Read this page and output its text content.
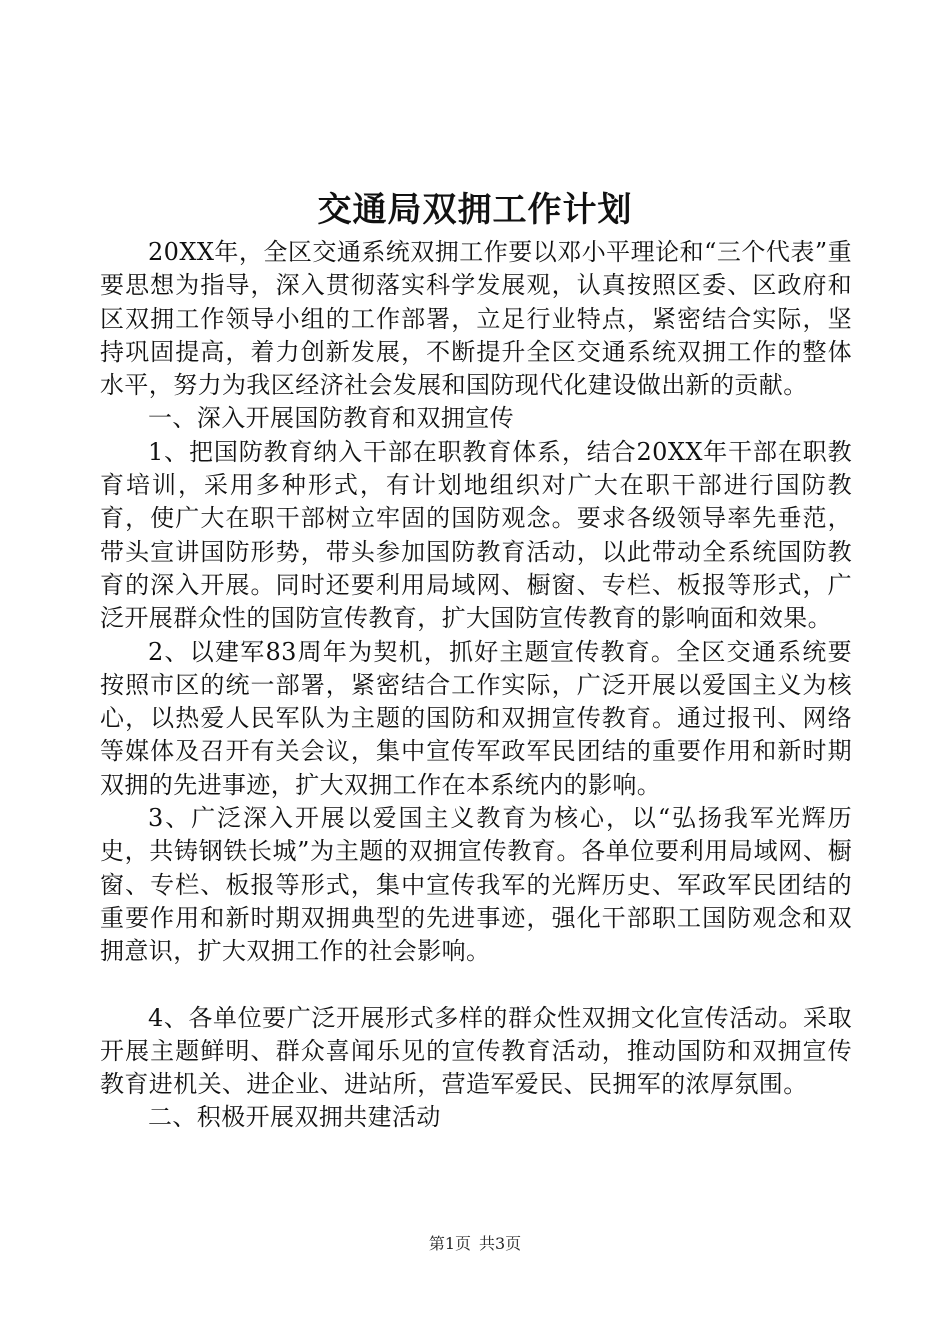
交通局双拥工作计划

20XX年，全区交通系统双拥工作要以邓小平理论和“三个代表”重要思想为指导，深入贯彻落实科学发展观，认真按照区委、区政府和区双拥工作领导小组的工作部署，立足行业特点，紧密结合实际，坚持巩固提高，着力创新发展，不断提升全区交通系统双拥工作的整体水平，努力为我区经济社会发展和国防现代化建设做出新的贡献。

一、深入开展国防教育和双拥宣传

1、把国防教育纳入干部在职教育体系，结合20XX年干部在职教育培训，采用多种形式，有计划地组织对广大在职干部进行国防教育，使广大在职干部树立牢固的国防观念。要求各级领导率先垂范，带头宣讲国防形势，带头参加国防教育活动，以此带动全系统国防教育的深入开展。同时还要利用局域网、橱窗、专栏、板报等形式，广泛开展群众性的国防宣传教育，扩大国防宣传教育的影响面和效果。

2、以建军83周年为契机，抓好主题宣传教育。全区交通系统要按照市区的统一部署，紧密结合工作实际，广泛开展以爱国主义为核心，以热爱人民军队为主题的国防和双拥宣传教育。通过报刊、网络等媒体及召开有关会议，集中宣传军政军民团结的重要作用和新时期双拥的先进事迹，扩大双拥工作在本系统内的影响。

3、广泛深入开展以爱国主义教育为核心，以“弘扬我军光辉历史，共铸钢铁长城”为主题的双拥宣传教育。各单位要利用局域网、橱窗、专栏、板报等形式，集中宣传我军的光辉历史、军政军民团结的重要作用和新时期双拥典型的先进事迹，强化干部职工国防观念和双拥意识，扩大双拥工作的社会影响。

4、各单位要广泛开展形式多样的群众性双拥文化宣传活动。采取开展主题鲜明、群众喜闻乐见的宣传教育活动，推动国防和双拥宣传教育进机关、进企业、进站所，营造军爱民、民拥军的浓厚氛围。

二、积极开展双拥共建活动

第1页 共3页
